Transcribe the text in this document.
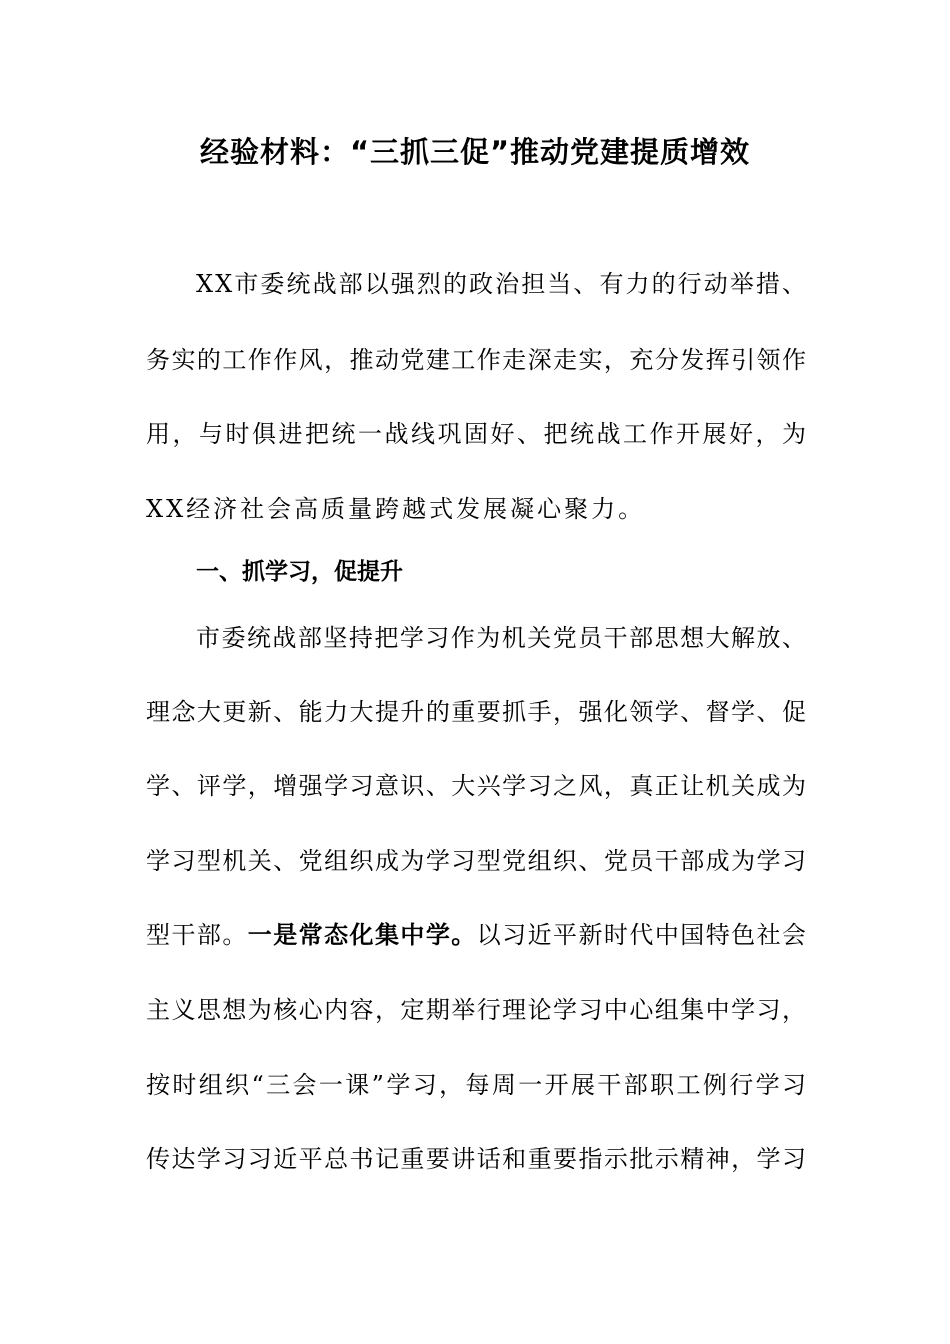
经验材料：“三抓三促”推动党建提质增效
XX市委统战部以强烈的政治担当、有力的行动举措、
务实的工作作风，推动党建工作走深走实，充分发挥引领作
用，与时俱进把统一战线巩固好、把统战工作开展好，为
XX经济社会高质量跨越式发展凝心聚力。
一、抓学习，促提升
市委统战部坚持把学习作为机关党员干部思想大解放、
理念大更新、能力大提升的重要抓手，强化领学、督学、促
学、评学，增强学习意识、大兴学习之风，真正让机关成为
学习型机关、党组织成为学习型党组织、党员干部成为学习
型干部。一是常态化集中学。以习近平新时代中国特色社会
主义思想为核心内容，定期举行理论学习中心组集中学习，
按时组织“三会一课”学习，每周一开展干部职工例行学习
传达学习习近平总书记重要讲话和重要指示批示精神，学习
